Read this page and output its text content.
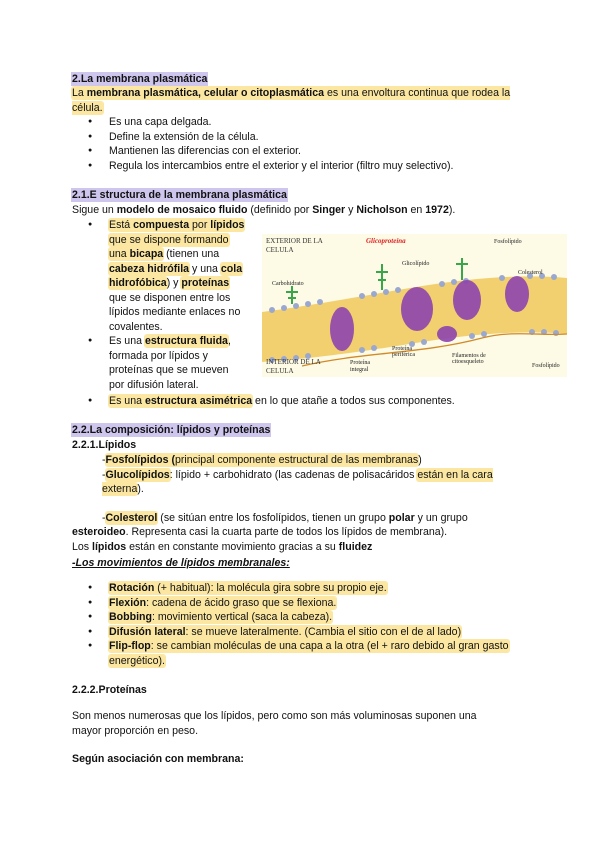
2.La membrana plasmática
La membrana plasmática, celular o citoplasmática es una envoltura continua que rodea la célula.
● Es una capa delgada.
● Define la extensión de la célula.
● Mantienen las diferencias con el exterior.
● Regula los intercambios entre el exterior y el interior (filtro muy selectivo).
2.1.E structura de la membrana plasmática
Sigue un modelo de mosaico fluido (definido por Singer y Nicholson en 1972).
● Está compuesta por lípidos
que se dispone formando
una bicapa (tienen una
cabeza hidrófila y una cola
hidrofóbica) y proteínas
que se disponen entre los
lípidos mediante enlaces no
covalentes.
● Es una estructura fluida,
formada por lípidos y
proteínas que se mueven
por difusión lateral.
● Es una estructura asimétrica en lo que atañe a todos sus componentes.
EXTERIOR DE LA
CELULA
Glicoproteína
Glicolípido
Fosfolípido
Carbohidrato
Colesterol
INTERIOR DE LA
CELULA
Proteína
integral
Proteína
periférica	Filamentos de
citoesqueleto
Fosfolípido
2.2.La composición: lípidos y proteínas
2.2.1.Lípidos
-Fosfolípidos (principal componente estructural de las membranas)
-Glucolípidos: lípido + carbohidrato (las cadenas de polisacáridos están en la cara externa).
-Colesterol (se sitúan entre los fosfolípidos, tienen un grupo polar y un grupo
esteroideo. Representa casi la cuarta parte de todos los lípidos de membrana).
Los lípidos están en constante movimiento gracias a su fluidez
-Los movimientos de lípidos membranales:
● Rotación (+ habitual): la molécula gira sobre su propio eje.
● Flexión: cadena de ácido graso que se flexiona.
● Bobbing: movimiento vertical (saca la cabeza).
● Difusión lateral: se mueve lateralmente. (Cambia el sitio con el de al lado)
● Flip-flop: se cambian moléculas de una capa a la otra (el + raro debido al gran gasto
energético).
2.2.2.Proteínas
Son menos numerosas que los lípidos, pero como son más voluminosas suponen una
mayor proporción en peso.
Según asociación con membrana:
